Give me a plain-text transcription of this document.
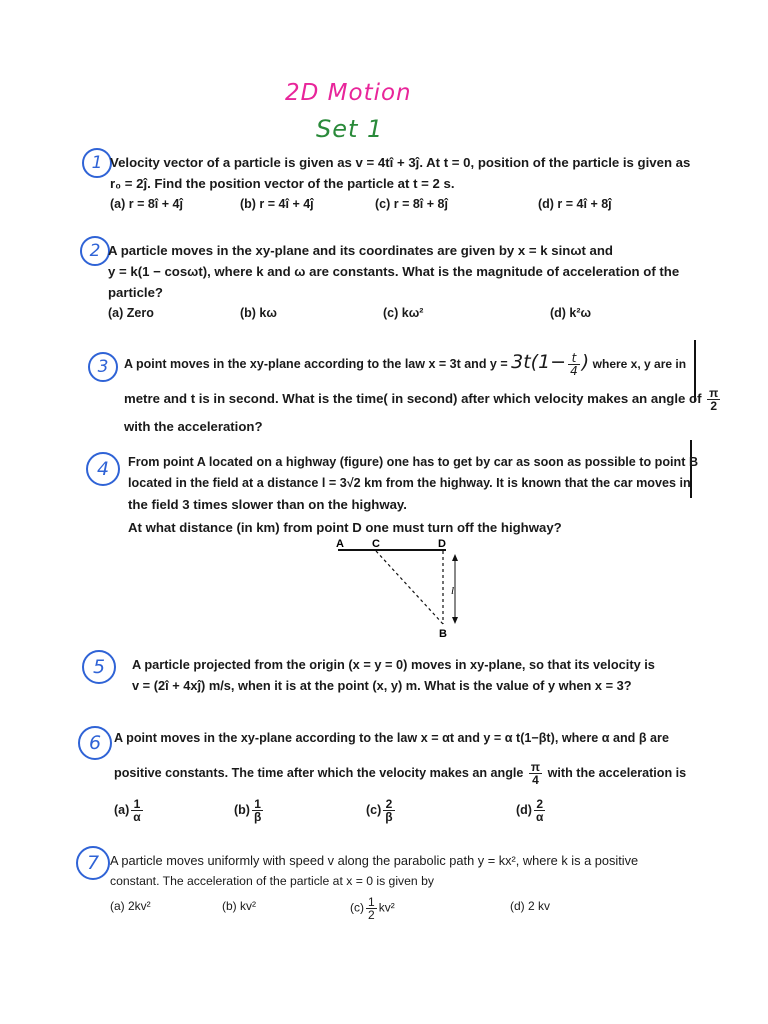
2D Motion
Set 1
1 Velocity vector of a particle is given as v = 4tî + 3ĵ. At t = 0, position of the particle is given as
r₀ = 2ĵ. Find the position vector of the particle at t = 2 s.
(a) r = 8î + 4ĵ	(b) r = 4î + 4ĵ	(c) r = 8î + 8ĵ	(d) r = 4î + 8ĵ
2 A particle moves in the xy-plane and its coordinates are given by x = k sinωt and
y = k(1 − cosωt), where k and ω are constants. What is the magnitude of acceleration of the
particle?
(a) Zero	(b) kω	(c) kω²	(d) k²ω
3	A point moves in the xy-plane according to the law x = 3t and $y = 3t(1- \frac{t}{4}$ ) where x, y are in
metre and t is in second. What is the time( in second) after which velocity makes an angle of $\frac{\pi}{2}$
with the acceleration?
4	From point A located on a highway (figure) one has to get by car as soon as possible to point B
located in the field at a distance l = 3√2 km from the highway. It is known that the car moves in
the field 3 times slower than on the highway.
At what distance (in km) from point D one must turn off the highway?
A	C	D
l
B
5	A particle projected from the origin (x = y = 0) moves in xy-plane, so that its velocity is
v = (2î + 4xĵ) m/s, when it is at the point (x, y) m. What is the value of y when x = 3?
6	A point moves in the xy-plane according to the law x = αt and y = α t(1−βt), where α and β are
positive constants. The time after which the velocity makes an angle $\frac{\pi}{4}$ with the acceleration is
$(a) \frac{1}{\alpha}$	$(b) \frac{1}{\beta}$	$(c) \frac{2}{\beta}$	$(d) \frac{2}{\alpha}$
7 A particle moves uniformly with speed v along the parabolic path y = kx², where k is a positive
constant. The acceleration of the particle at x = 0 is given by
(a) 2kv²	(b) kv²	$(c) \frac{1}{2} kv^2$	(d) 2 kv
